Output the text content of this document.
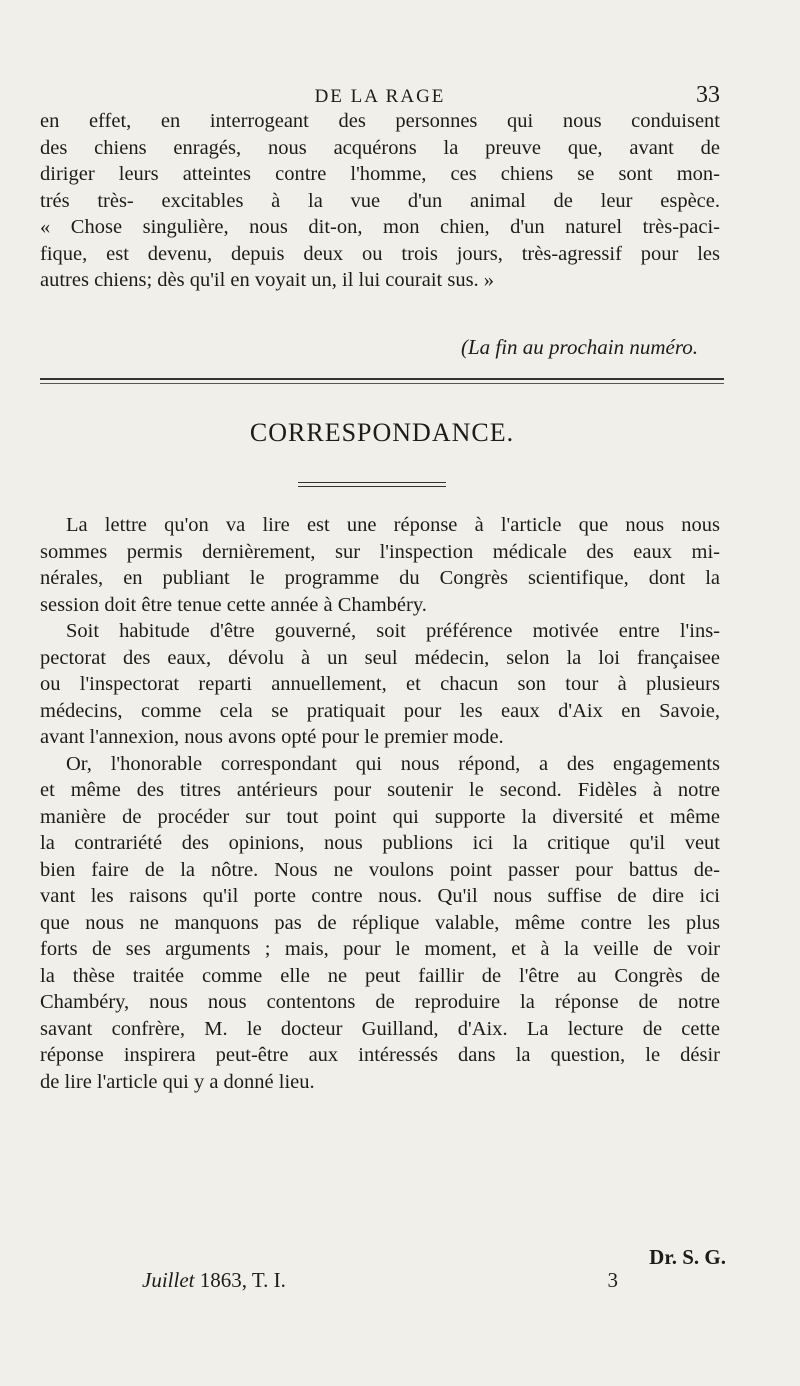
DE LA RAGE	33
en effet, en interrogeant des personnes qui nous conduisent
des chiens enragés, nous acquérons la preuve que, avant de
diriger leurs atteintes contre l'homme, ces chiens se sont mon-
trés très- excitables à la vue d'un animal de leur espèce.
« Chose singulière, nous dit-on, mon chien, d'un naturel très-paci-
fique, est devenu, depuis deux ou trois jours, très-agressif pour les
autres chiens; dès qu'il en voyait un, il lui courait sus. »
(La fin au prochain numéro.
CORRESPONDANCE.
La lettre qu'on va lire est une réponse à l'article que nous nous
sommes permis dernièrement, sur l'inspection médicale des eaux mi-
nérales, en publiant le programme du Congrès scientifique, dont la
session doit être tenue cette année à Chambéry.
Soit habitude d'être gouverné, soit préférence motivée entre l'ins-
pectorat des eaux, dévolu à un seul médecin, selon la loi françaisee
ou l'inspectorat reparti annuellement, et chacun son tour à plusieurs
médecins, comme cela se pratiquait pour les eaux d'Aix en Savoie,
avant l'annexion, nous avons opté pour le premier mode.
Or, l'honorable correspondant qui nous répond, a des engagements
et même des titres antérieurs pour soutenir le second. Fidèles à notre
manière de procéder sur tout point qui supporte la diversité et même
la contrariété des opinions, nous publions ici la critique qu'il veut
bien faire de la nôtre. Nous ne voulons point passer pour battus de-
vant les raisons qu'il porte contre nous. Qu'il nous suffise de dire ici
que nous ne manquons pas de réplique valable, même contre les plus
forts de ses arguments ; mais, pour le moment, et à la veille de voir
la thèse traitée comme elle ne peut faillir de l'être au Congrès de
Chambéry, nous nous contentons de reproduire la réponse de notre
savant confrère, M. le docteur Guilland, d'Aix. La lecture de cette
réponse inspirera peut-être aux intéressés dans la question, le désir
de lire l'article qui y a donné lieu.
Dr. S. G.
Juillet 1863, T. I.	3
